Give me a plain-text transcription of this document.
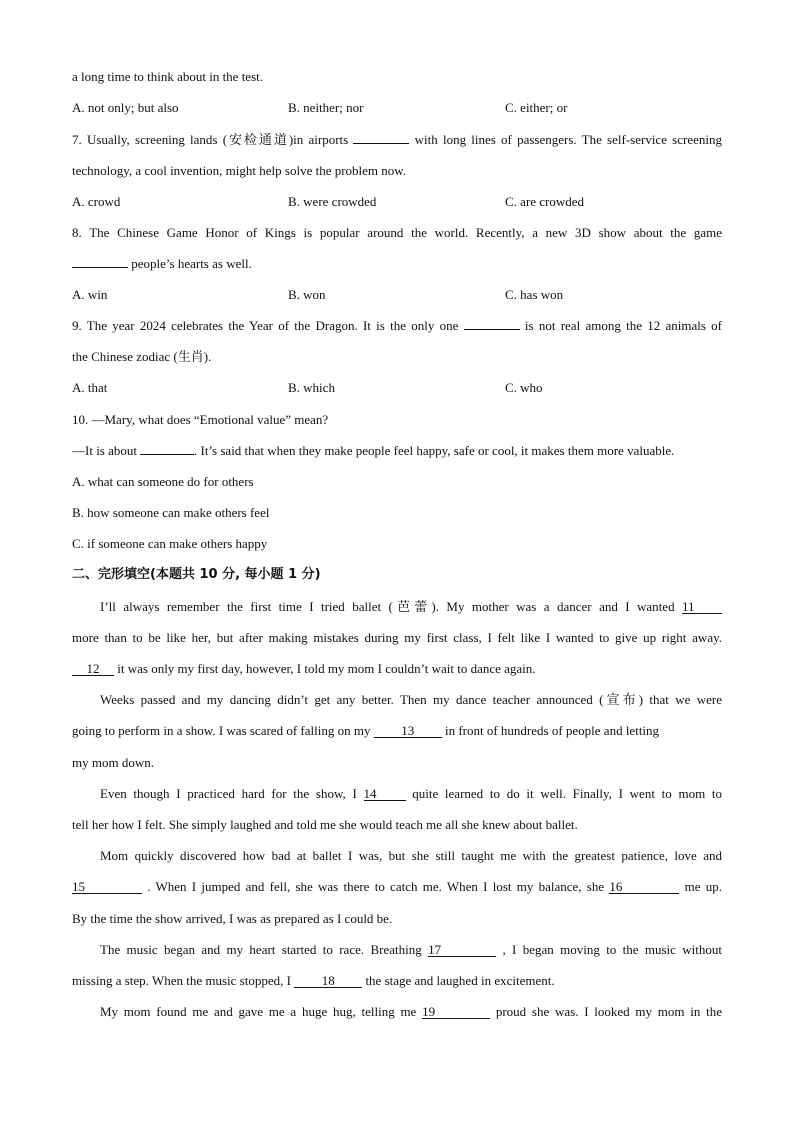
a long time to think about in the test.
A. not only; but also	B. neither; nor	C. either; or
7. Usually, screening lands (安检通道)in airports	with long lines of passengers. The self-service screening
technology, a cool invention, might help solve the problem now.
A. crowd	B. were crowded	C. are crowded
8. The Chinese Game Honor of Kings is popular around the world. Recently, a new 3D show about the game
people’s hearts as well.
A. win	B. won	C. has won
9. The year 2024 celebrates the Year of the Dragon. It is the only one	is not real among the 12 animals of
the Chinese zodiac (生肖).
A. that	B. which	C. who
10. —Mary, what does “Emotional value” mean?
—It is about	. It’s said that when they make people feel happy, safe or cool, it makes them more valuable.
A. what can someone do for others
B. how someone can make others feel
C. if someone can make others happy
二、完形填空(本题共 10 分, 每小题 1 分)
I’ll always remember the first time I tried ballet (芭蕾). My mother was a dancer and I wanted 11
more than to be like her, but after making mistakes during my first class, I felt like I wanted to give up right away.
12 it was only my first day, however, I told my mom I couldn’t wait to dance again.
Weeks passed and my dancing didn’t get any better. Then my dance teacher announced (宣布) that we were
going to perform in a show. I was scared of falling on my 13 in front of hundreds of people and letting
my mom down.
Even though I practiced hard for the show, I 14	quite learned to do it well. Finally, I went to mom to
tell her how I felt. She simply laughed and told me she would teach me all she knew about ballet.
Mom quickly discovered how bad at ballet I was, but she still taught me with the greatest patience, love and
15	. When I jumped and fell, she was there to catch me. When I lost my balance, she 16	me up.
By the time the show arrived, I was as prepared as I could be.
The music began and my heart started to race. Breathing 17	, I began moving to the music without
missing a step. When the music stopped, I 18 the stage and laughed in excitement.
My mom found me and gave me a huge hug, telling me 19	proud she was. I looked my mom in the
